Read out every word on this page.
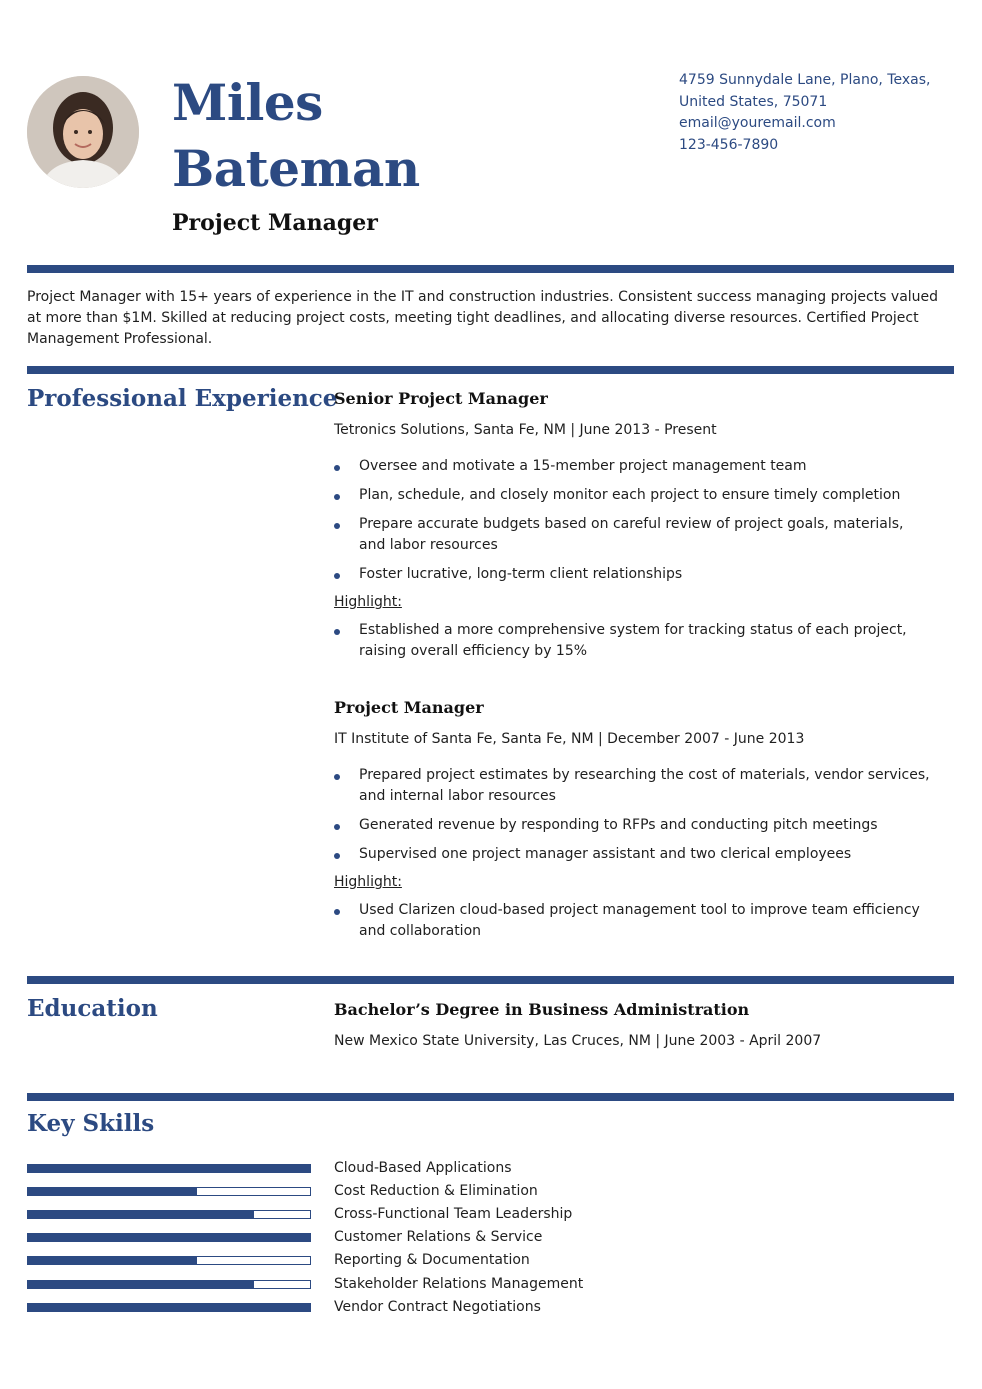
Miles
Bateman
Project Manager
4759 Sunnydale Lane, Plano, Texas,
United States, 75071
email@youremail.com
123-456-7890
Project Manager with 15+ years of experience in the IT and construction industries. Consistent success managing projects valued at more than $1M. Skilled at reducing project costs, meeting tight deadlines, and allocating diverse resources. Certified Project Management Professional.
Professional Experience
Senior Project Manager
Tetronics Solutions, Santa Fe, NM | June 2013 - Present
Oversee and motivate a 15-member project management team
Plan, schedule, and closely monitor each project to ensure timely completion
Prepare accurate budgets based on careful review of project goals, materials, and labor resources
Foster lucrative, long-term client relationships
Highlight:
Established a more comprehensive system for tracking status of each project, raising overall efficiency by 15%
Project Manager
IT Institute of Santa Fe, Santa Fe, NM | December 2007 - June 2013
Prepared project estimates by researching the cost of materials, vendor services, and internal labor resources
Generated revenue by responding to RFPs and conducting pitch meetings
Supervised one project manager assistant and two clerical employees
Highlight:
Used Clarizen cloud-based project management tool to improve team efficiency and collaboration
Education	Bachelor’s Degree in Business Administration
New Mexico State University, Las Cruces, NM | June 2003 - April 2007
Key Skills
Cloud-Based Applications
Cost Reduction & Elimination
Cross-Functional Team Leadership
Customer Relations & Service
Reporting & Documentation
Stakeholder Relations Management
Vendor Contract Negotiations
